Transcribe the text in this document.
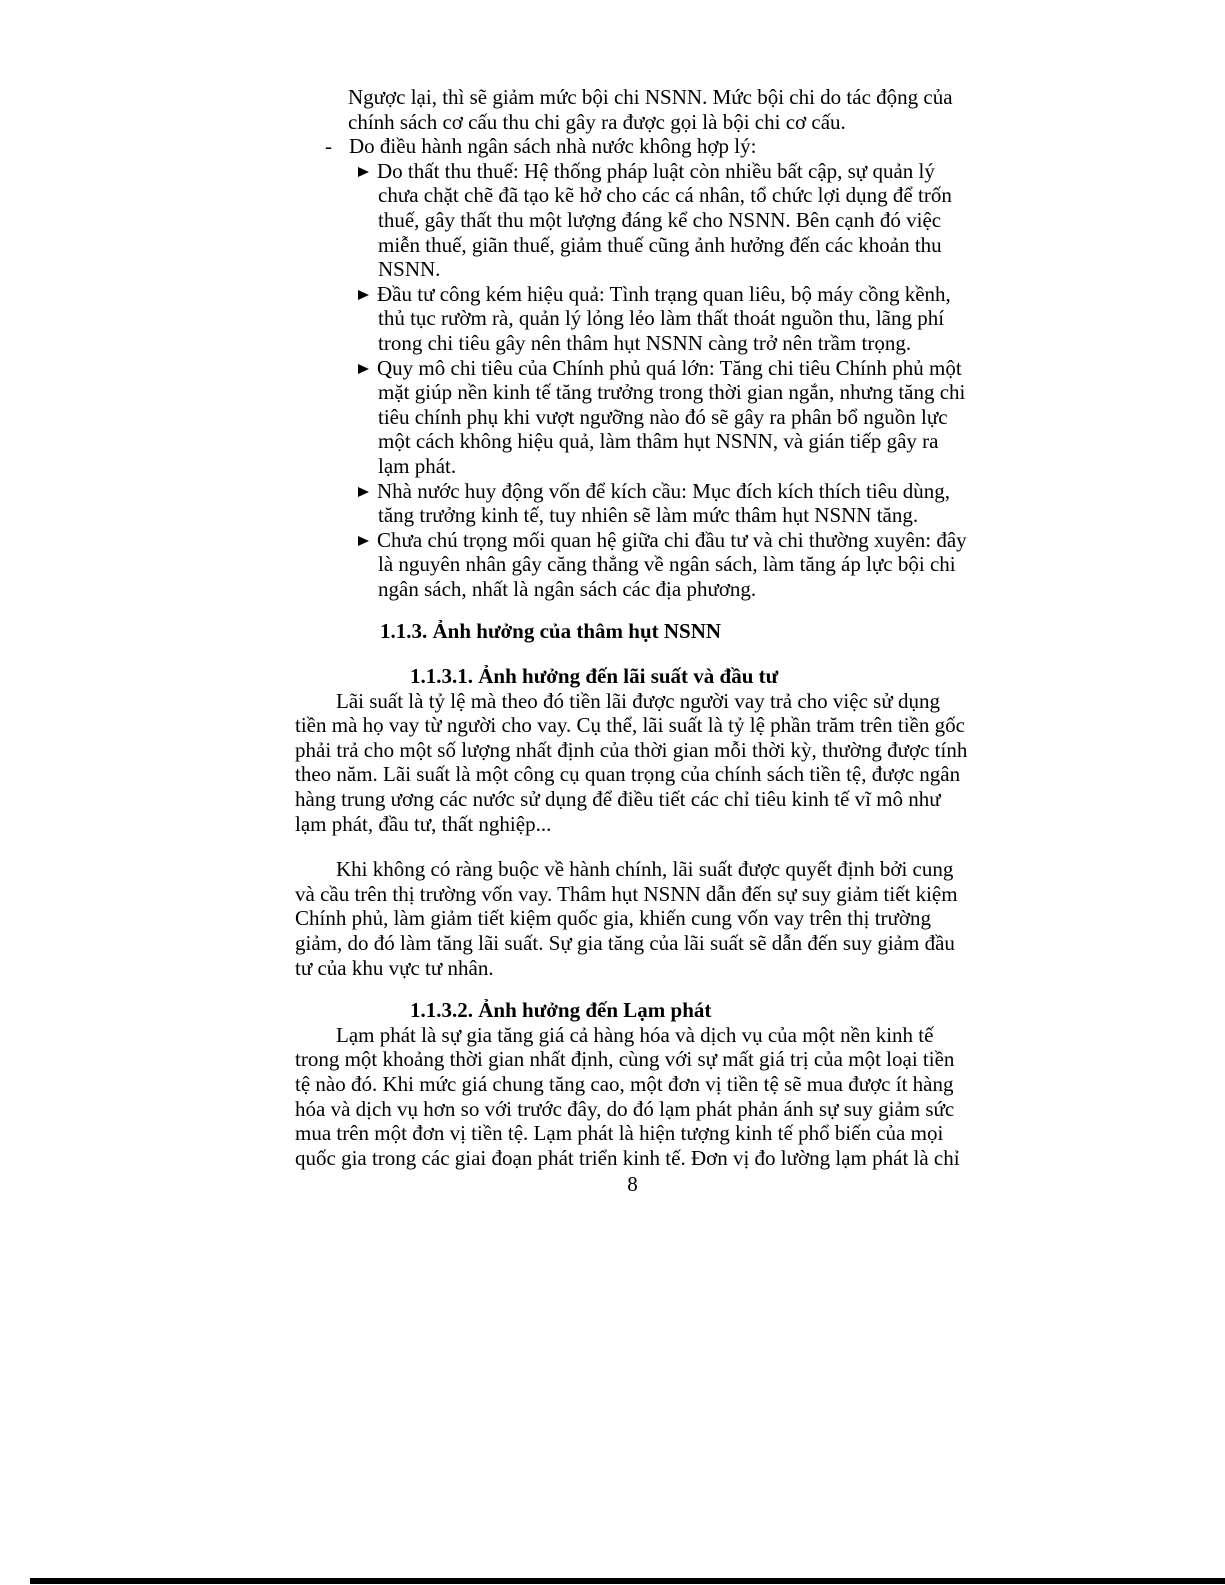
Ngược lại, thì sẽ giảm mức bội chi NSNN. Mức bội chi do tác động của
chính sách cơ cấu thu chi gây ra được gọi là bội chi cơ cấu.
- Do điều hành ngân sách nhà nước không hợp lý:
Do thất thu thuế: Hệ thống pháp luật còn nhiều bất cập, sự quản lý
chưa chặt chẽ đã tạo kẽ hở cho các cá nhân, tổ chức lợi dụng để trốn
thuế, gây thất thu một lượng đáng kể cho NSNN. Bên cạnh đó việc
miễn thuế, giãn thuế, giảm thuế cũng ảnh hưởng đến các khoản thu
NSNN.
Đầu tư công kém hiệu quả: Tình trạng quan liêu, bộ máy cồng kềnh,
thủ tục rườm rà, quản lý lỏng lẻo làm thất thoát nguồn thu, lãng phí
trong chi tiêu gây nên thâm hụt NSNN càng trở nên trầm trọng.
Quy mô chi tiêu của Chính phủ quá lớn: Tăng chi tiêu Chính phủ một
mặt giúp nền kinh tế tăng trưởng trong thời gian ngắn, nhưng tăng chi
tiêu chính phụ khi vượt ngưỡng nào đó sẽ gây ra phân bổ nguồn lực
một cách không hiệu quả, làm thâm hụt NSNN, và gián tiếp gây ra
lạm phát.
Nhà nước huy động vốn để kích cầu: Mục đích kích thích tiêu dùng,
tăng trưởng kinh tế, tuy nhiên sẽ làm mức thâm hụt NSNN tăng.
Chưa chú trọng mối quan hệ giữa chi đầu tư và chi thường xuyên: đây
là nguyên nhân gây căng thẳng về ngân sách, làm tăng áp lực bội chi
ngân sách, nhất là ngân sách các địa phương.
1.1.3. Ảnh hưởng của thâm hụt NSNN
1.1.3.1. Ảnh hưởng đến lãi suất và đầu tư
Lãi suất là tỷ lệ mà theo đó tiền lãi được người vay trả cho việc sử dụng
tiền mà họ vay từ người cho vay. Cụ thể, lãi suất là tỷ lệ phần trăm trên tiền gốc
phải trả cho một số lượng nhất định của thời gian mỗi thời kỳ, thường được tính
theo năm. Lãi suất là một công cụ quan trọng của chính sách tiền tệ, được ngân
hàng trung ương các nước sử dụng để điều tiết các chỉ tiêu kinh tế vĩ mô như
lạm phát, đầu tư, thất nghiệp...
Khi không có ràng buộc về hành chính, lãi suất được quyết định bởi cung
và cầu trên thị trường vốn vay. Thâm hụt NSNN dẫn đến sự suy giảm tiết kiệm
Chính phủ, làm giảm tiết kiệm quốc gia, khiến cung vốn vay trên thị trường
giảm, do đó làm tăng lãi suất. Sự gia tăng của lãi suất sẽ dẫn đến suy giảm đầu
tư của khu vực tư nhân.
1.1.3.2. Ảnh hưởng đến Lạm phát
Lạm phát là sự gia tăng giá cả hàng hóa và dịch vụ của một nền kinh tế
trong một khoảng thời gian nhất định, cùng với sự mất giá trị của một loại tiền
tệ nào đó. Khi mức giá chung tăng cao, một đơn vị tiền tệ sẽ mua được ít hàng
hóa và dịch vụ hơn so với trước đây, do đó lạm phát phản ánh sự suy giảm sức
mua trên một đơn vị tiền tệ. Lạm phát là hiện tượng kinh tế phổ biến của mọi
quốc gia trong các giai đoạn phát triển kinh tế. Đơn vị đo lường lạm phát là chỉ
8
